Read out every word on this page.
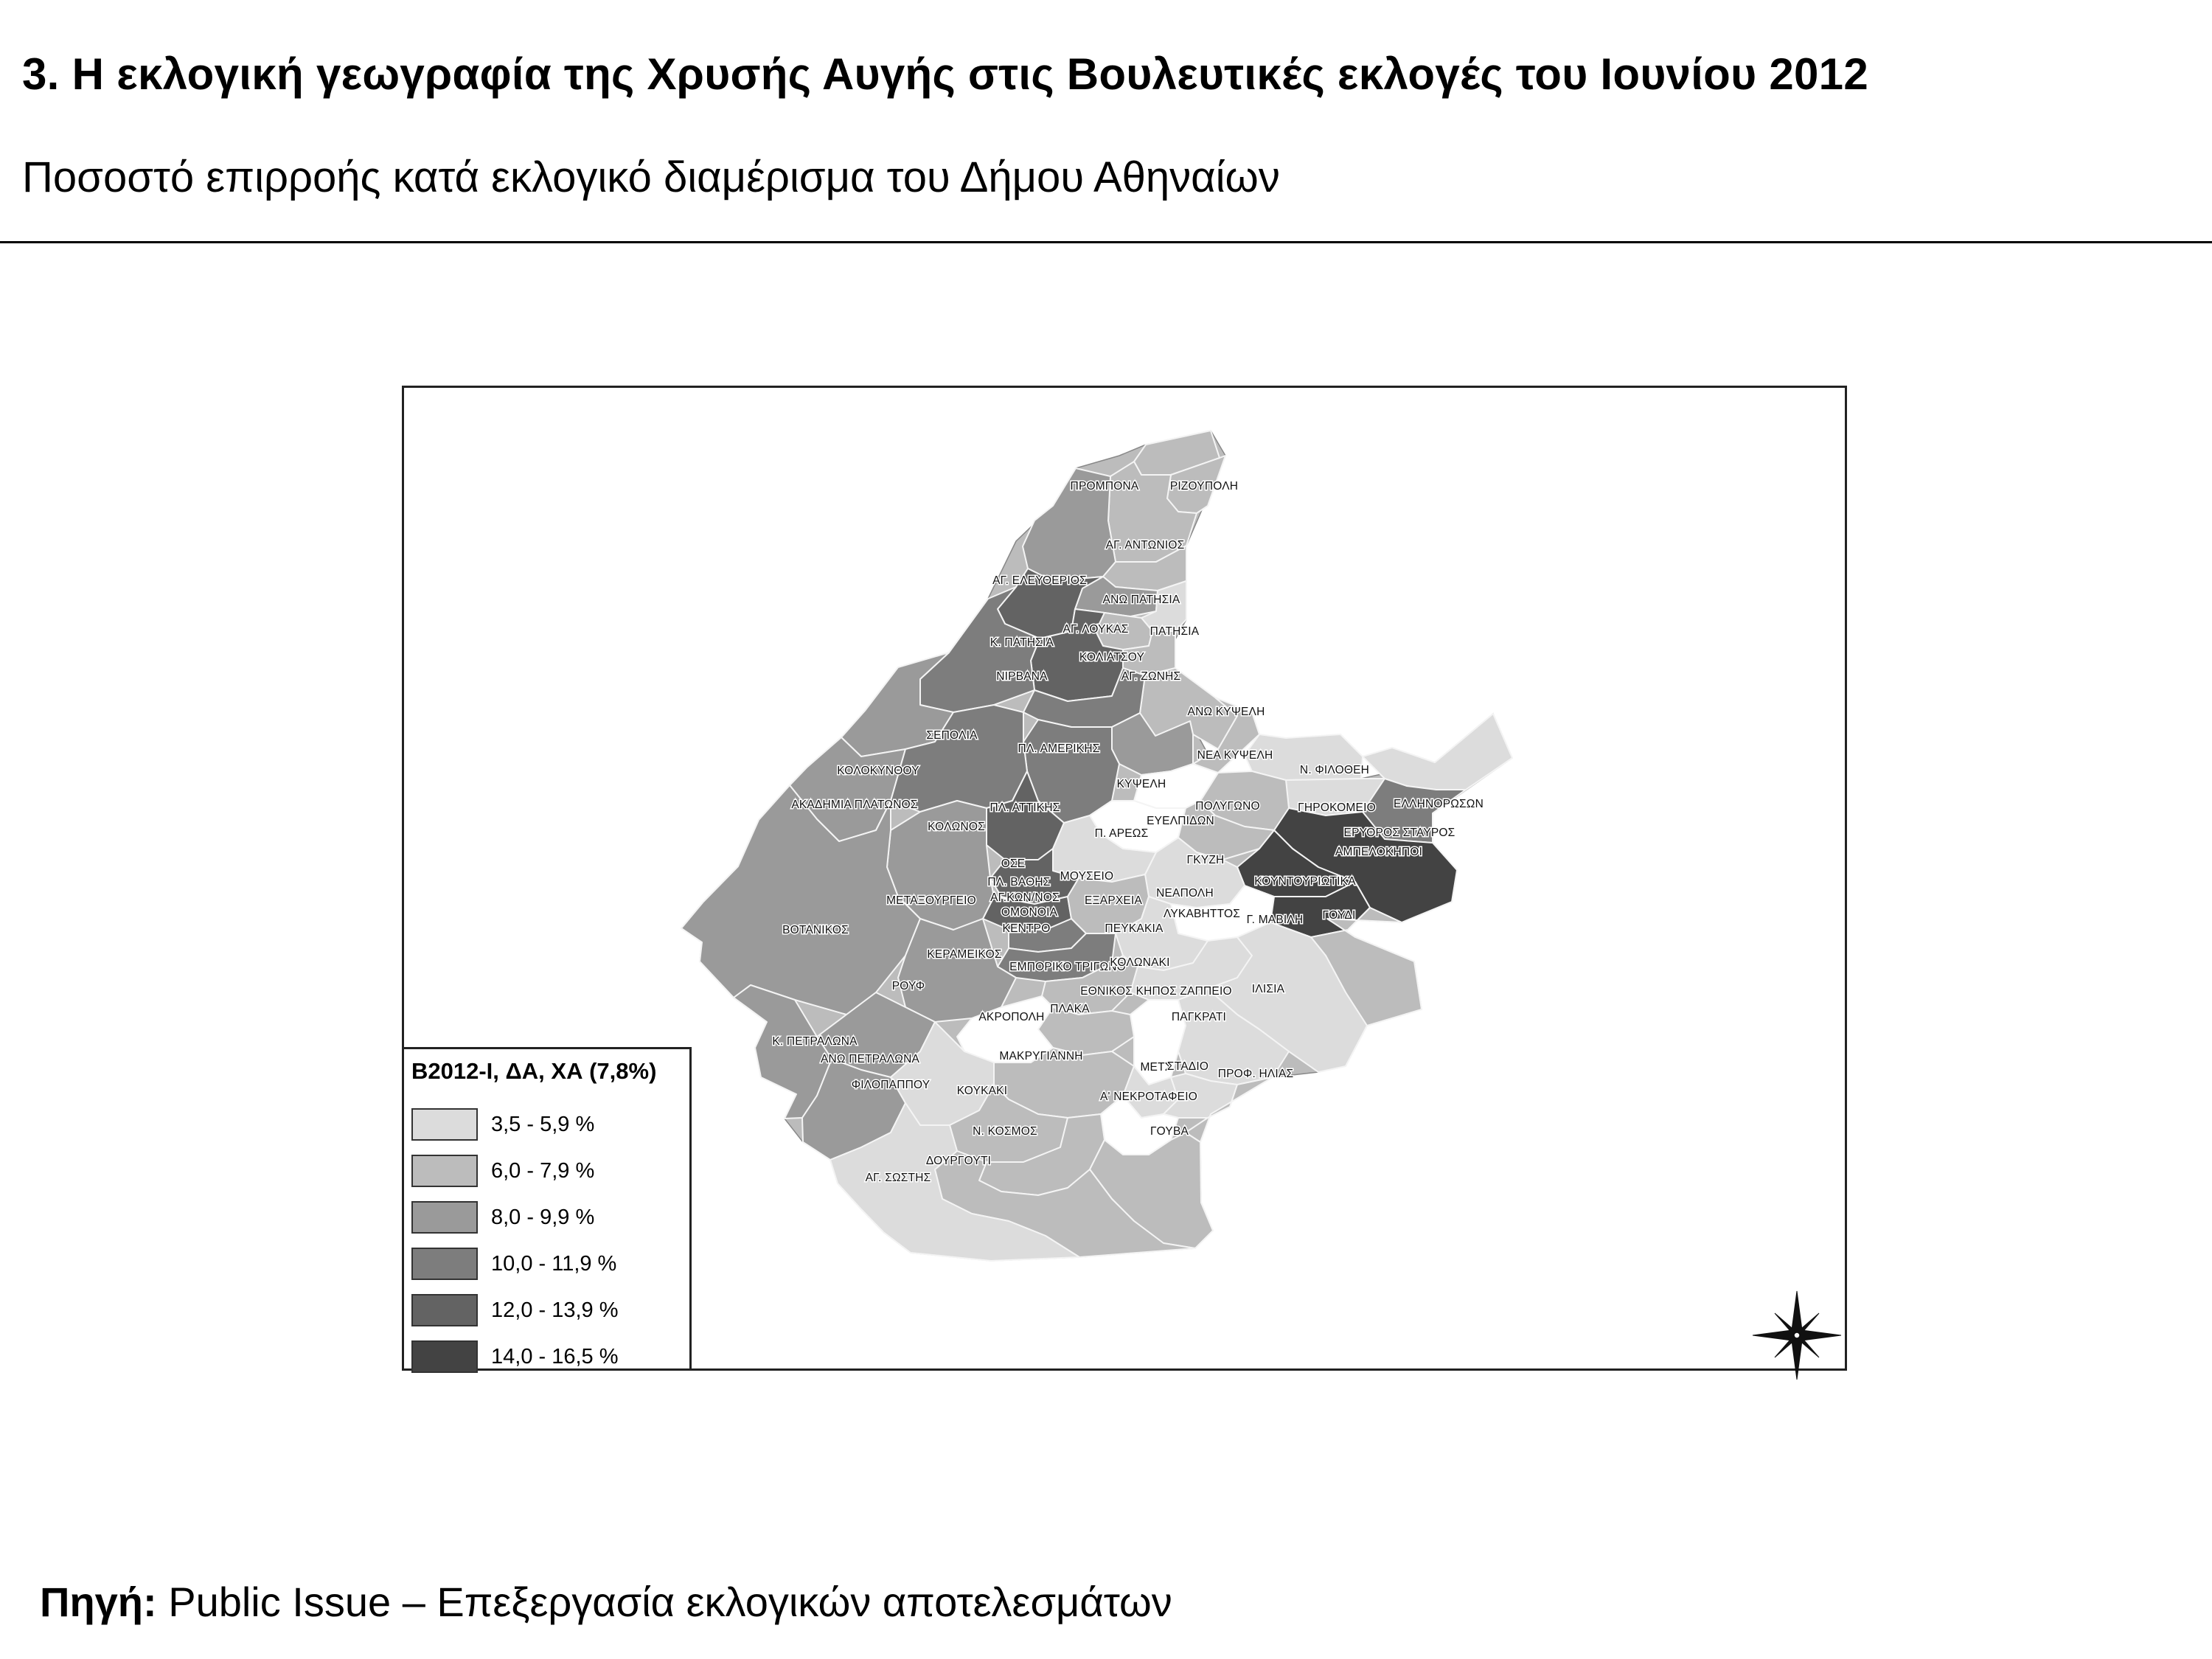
3. Η εκλογική γεωγραφία της Χρυσής Αυγής στις Βουλευτικές εκλογές του Ιουνίου 2012
Ποσοστό επιρροής κατά εκλογικό διαμέρισμα του Δήμου Αθηναίων
ΠΡΟΜΠΟΝΑ	ΡΙΖΟΥΠΟΛΗ
ΑΓ. ΑΝΤΩΝΙΟΣ
ΑΓ. ΕΛΕΥΘΕΡΙΟΣ
ΑΝΩ ΠΑΤΗΣΙΑ
ΑΓ. ΛΟΥΚΑΣ
Κ. ΠΑΤΗΣΙΑ
ΠΑΤΗΣΙΑ
ΚΟΛΙΑΤΣΟΥ
ΑΓ. ΖΩΝΗΣ
ΝΙΡΒΑΝΑ
ΑΝΩ ΚΥΨΕΛΗ
ΣΕΠΟΛΙΑ
ΠΛ. ΑΜΕΡΙΚΗΣ
ΝΕΑ ΚΥΨΕΛΗ
Ν. ΦΙΛΟΘΕΗ
ΚΟΛΟΚΥΝΘΟΥ
ΚΥΨΕΛΗ
ΕΛΛΗΝΟΡΩΣΩΝ
ΓΗΡΟΚΟΜΕΙΟ
ΠΟΛΥΓΩΝΟ
ΑΚΑΔΗΜΙΑ ΠΛΑΤΩΝΟΣ	ΠΛ. ΑΤΤΙΚΗΣ
ΕΥΕΛΠΙΔΩΝ
ΕΡΥΘΡΟΣ ΣΤΑΥΡΟΣ
ΚΟΛΩΝΟΣ
Π. ΑΡΕΩΣ
ΑΜΠΕΛΟΚΗΠΟΙ
ΓΚΥΖΗ
ΟΣΕ
ΜΟΥΣΕΙΟ	ΚΟΥΝΤΟΥΡΙΩΤΙΚΑ
ΠΛ. ΒΑΘΗΣ
ΝΕΑΠΟΛΗ
ΑΓ.ΚΩΝ/ΝΟΣ
ΜΕΤΑΞΟΥΡΓΕΙΟ	ΕΞΑΡΧΕΙΑ
ΟΜΟΝΟΙΑ	ΛΥΚΑΒΗΤΤΟΣ Γ. ΜΑΒΙΛΗ ΓΟΥΔΙ
ΚΕΝΤΡΟ	ΠΕΥΚΑΚΙΑ
ΒΟΤΑΝΙΚΟΣ
ΚΕΡΑΜΕΙΚΟΣ
ΕΜΠΟΡΙΚΟ ΤΡΙΓΩΝΟ
ΚΟΛΩΝΑΚΙ
ΡΟΥΦ	ΕΘΝΙΚΟΣ ΚΗΠΟΣ ΖΑΠΠΕΙΟ ΙΛΙΣΙΑ
ΠΛΑΚΑ
ΑΚΡΟΠΟΛΗ	ΠΑΓΚΡΑΤΙ
Κ. ΠΕΤΡΑΛΩΝΑ
ΑΝΩ ΠΕΤΡΑΛΩΝΑ	ΜΑΚΡΥΓΙΑΝΝΗ
ΜΕΤΣ
ΣΤΑΔΙΟ
ΠΡΟΦ. ΗΛΙΑΣ
ΦΙΛΟΠΑΠΠΟΥ ΚΟΥΚΑΚΙ	Α' ΝΕΚΡΟΤΑΦΕΙΟ
Ν. ΚΟΣΜΟΣ	ΓΟΥΒΑ
ΔΟΥΡΓΟΥΤΙ
ΑΓ. ΣΩΣΤΗΣ
B2012-I, ΔΑ, ΧΑ (7,8%)
3,5 - 5,9 %
6,0 - 7,9 %
8,0 - 9,9 %
10,0 - 11,9 %
12,0 - 13,9 %
14,0 - 16,5 %
Πηγή: Public Issue – Επεξεργασία εκλογικών αποτελεσμάτων
